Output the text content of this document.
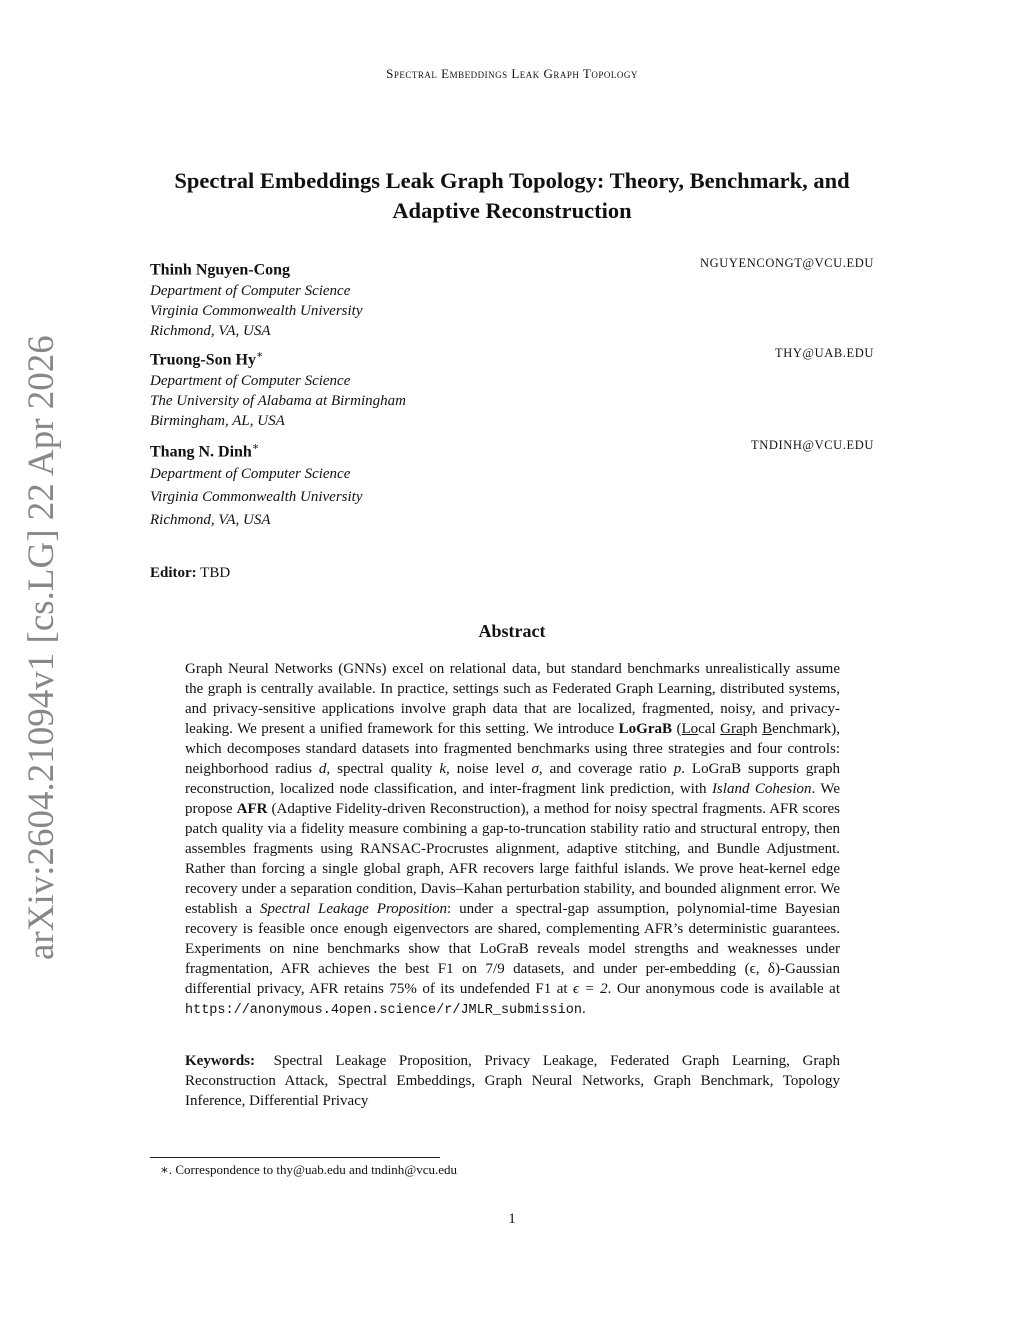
Spectral Embeddings Leak Graph Topology
arXiv:2604.21094v1 [cs.LG] 22 Apr 2026
Spectral Embeddings Leak Graph Topology: Theory, Benchmark, and Adaptive Reconstruction
Thinh Nguyen-Cong	NGUYENCONGT@VCU.EDU
Department of Computer Science
Virginia Commonwealth University
Richmond, VA, USA
Truong-Son Hy∗	THY@UAB.EDU
Department of Computer Science
The University of Alabama at Birmingham
Birmingham, AL, USA
Thang N. Dinh∗	TNDINH@VCU.EDU
Department of Computer Science
Virginia Commonwealth University
Richmond, VA, USA
Editor: TBD
Abstract
Graph Neural Networks (GNNs) excel on relational data, but standard benchmarks unrealistically assume the graph is centrally available. In practice, settings such as Federated Graph Learning, distributed systems, and privacy-sensitive applications involve graph data that are localized, fragmented, noisy, and privacy-leaking. We present a unified framework for this setting. We introduce LoGraB (Local Graph Benchmark), which decomposes standard datasets into fragmented benchmarks using three strategies and four controls: neighborhood radius d, spectral quality k, noise level σ, and coverage ratio p. LoGraB supports graph reconstruction, localized node classification, and inter-fragment link prediction, with Island Cohesion. We propose AFR (Adaptive Fidelity-driven Reconstruction), a method for noisy spectral fragments. AFR scores patch quality via a fidelity measure combining a gap-to-truncation stability ratio and structural entropy, then assembles fragments using RANSAC-Procrustes alignment, adaptive stitching, and Bundle Adjustment. Rather than forcing a single global graph, AFR recovers large faithful islands. We prove heat-kernel edge recovery under a separation condition, Davis–Kahan perturbation stability, and bounded alignment error. We establish a Spectral Leakage Proposition: under a spectral-gap assumption, polynomial-time Bayesian recovery is feasible once enough eigenvectors are shared, complementing AFR’s deterministic guarantees. Experiments on nine benchmarks show that LoGraB reveals model strengths and weaknesses under fragmentation, AFR achieves the best F1 on 7/9 datasets, and under per-embedding (ϵ, δ)-Gaussian differential privacy, AFR retains 75% of its undefended F1 at ϵ = 2. Our anonymous code is available at https://anonymous.4open.science/r/JMLR_submission.
Keywords: Spectral Leakage Proposition, Privacy Leakage, Federated Graph Learning, Graph Reconstruction Attack, Spectral Embeddings, Graph Neural Networks, Graph Benchmark, Topology Inference, Differential Privacy
∗. Correspondence to thy@uab.edu and tndinh@vcu.edu
1
